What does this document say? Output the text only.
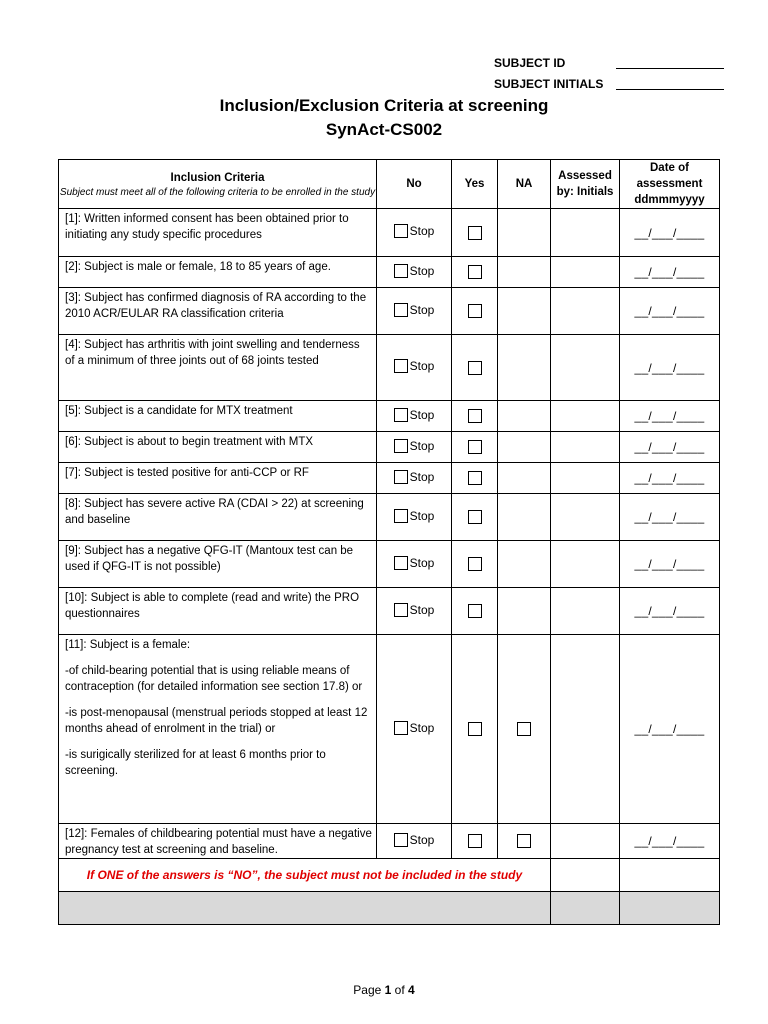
SUBJECT ID
SUBJECT INITIALS
Inclusion/Exclusion Criteria at screening
SynAct-CS002
Inclusion Criteria
Subject must meet all of the following criteria to be enrolled in the study	No	Yes	NA	Assessed by: Initials	Date of assessment ddmmmyyyy

[1]: Written informed consent has been obtained prior to initiating any study specific procedures	Stop				__/___/____

[2]: Subject is male or female, 18 to 85 years of age.	Stop				__/___/____

[3]: Subject has confirmed diagnosis of RA according to the 2010 ACR/EULAR RA classification criteria	Stop				__/___/____

[4]: Subject has arthritis with joint swelling and tenderness of a minimum of three joints out of 68 joints tested	Stop				__/___/____

[5]: Subject is a candidate for MTX treatment	Stop				__/___/____

[6]: Subject is about to begin treatment with MTX	Stop				__/___/____

[7]: Subject is tested positive for anti-CCP or RF	Stop				__/___/____

[8]: Subject has severe active RA (CDAI > 22) at screening and baseline	Stop				__/___/____

[9]: Subject has a negative QFG-IT (Mantoux test can be used if QFG-IT is not possible)	Stop				__/___/____

[10]: Subject is able to complete (read and write) the PRO questionnaires	Stop				__/___/____

[11]: Subject is a female:

-of child-bearing potential that is using reliable means of contraception (for detailed information see section 17.8) or

-is post-menopausal (menstrual periods stopped at least 12 months ahead of enrolment in the trial) or

-is surigically sterilized for at least 6 months prior to screening.	Stop				__/___/____

[12]: Females of childbearing potential must have a negative pregnancy test at screening and baseline.	Stop				__/___/____
If ONE of the answers is “NO”, the subject must not be included in the study					

Page 1 of 4
